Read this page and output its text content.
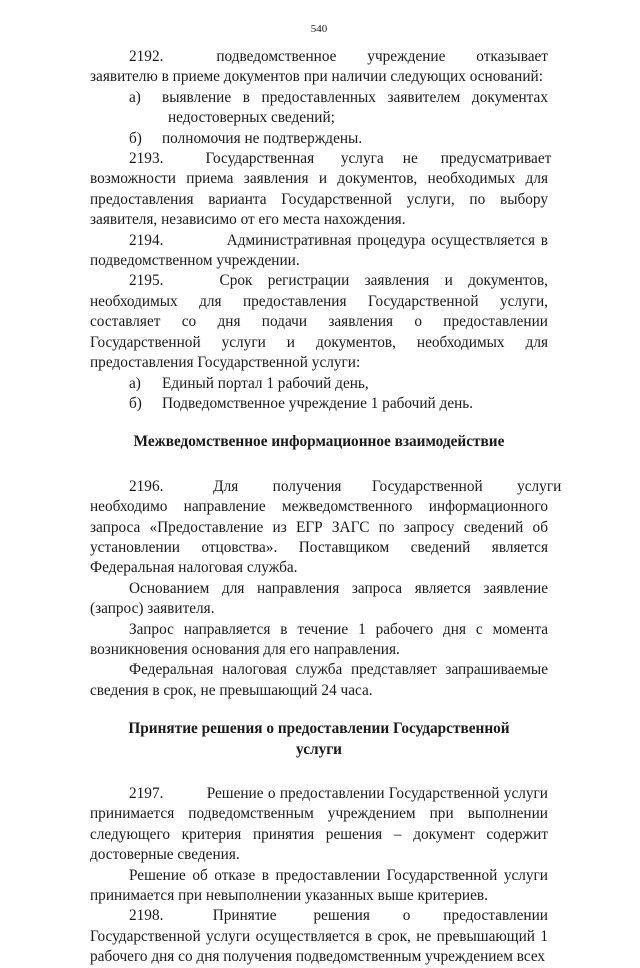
540

2192.            подведомственное       учреждение       отказывает заявителю в приеме документов при наличии следующих оснований:

а) выявление в предоставленных заявителем документах недостоверных сведений;

б) полномочия не подтверждены.

2193.           Государственная       услуга     не      предусматривает возможности приема заявления и документов, необходимых для предоставления варианта Государственной услуги, по выбору заявителя, независимо от его места нахождения.

2194.           Административная процедура осуществляется в подведомственном учреждении.

2195.           Срок   регистрации   заявления   и   документов, необходимых для предоставления Государственной услуги, составляет со дня подачи заявления о предоставлении Государственной услуги и документов, необходимых для предоставления Государственной услуги:

а) Единый портал 1 рабочий день,

б) Подведомственное учреждение 1 рабочий день.

Межведомственное информационное взаимодействие

2196.             Для         получения        Государственной         услуги необходимо направление межведомственного информационного запроса «Предоставление из ЕГР ЗАГС по запросу сведений об установлении отцовства». Поставщиком сведений является Федеральная налоговая служба.

Основанием для направления запроса является заявление (запрос) заявителя.

Запрос направляется в течение 1 рабочего дня с момента возникновения основания для его направления.

Федеральная налоговая служба представляет запрашиваемые сведения в срок, не превышающий 24 часа.

Принятие решения о предоставлении Государственной услуги

2197.          Решение о предоставлении Государственной услуги принимается подведомственным учреждением при выполнении следующего критерия принятия решения – документ содержит достоверные сведения.

Решение об отказе в предоставлении Государственной услуги принимается при невыполнении указанных выше критериев.

2198.            Принятие         решения        о        предоставлении Государственной услуги осуществляется в срок, не превышающий 1 рабочего дня со дня получения подведомственным учреждением всех
